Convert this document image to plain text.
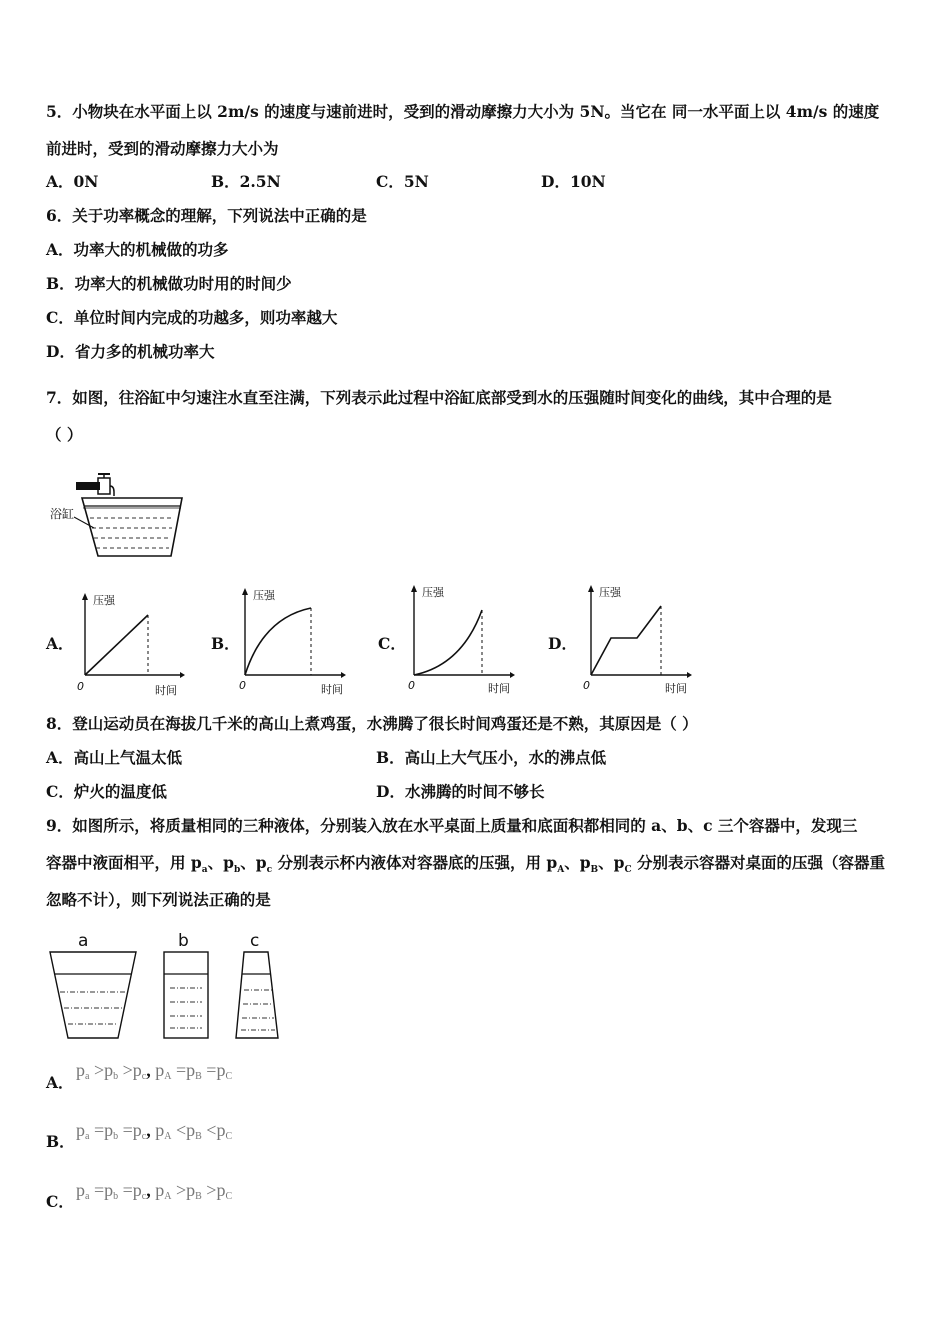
5．小物块在水平面上以 2m/s 的速度与速前进时，受到的滑动摩擦力大小为 5N。当它在 同一水平面上以 4m/s 的速度
前进时，受到的滑动摩擦力大小为
A．0N	B．2.5N	C．5N	D．10N
6．关于功率概念的理解，下列说法中正确的是
A．功率大的机械做的功多
B．功率大的机械做功时用的时间少
C．单位时间内完成的功越多，则功率越大
D．省力多的机械功率大
7．如图，往浴缸中匀速注水直至注满，下列表示此过程中浴缸底部受到水的压强随时间变化的曲线，其中合理的是
（ ）
浴缸
A．	B．	C．	D．
压强
时间
0
压强
时间
0
压强
时间
0
压强
时间
0
8．登山运动员在海拔几千米的高山上煮鸡蛋，水沸腾了很长时间鸡蛋还是不熟，其原因是（ ）
A．高山上气温太低	B．高山上大气压小，水的沸点低
C．炉火的温度低	D．水沸腾的时间不够长
9．如图所示，将质量相同的三种液体，分别装入放在水平桌面上质量和底面积都相同的 a、b、c 三个容器中，发现三
容器中液面相平，用 $p_a$、$p_b$、$p_c$ 分别表示杯内液体对容器底的压强，用 $p_A$、$p_B$、$p_C$ 分别表示容器对桌面的压强（容器重
忽略不计），则下列说法正确的是
a	b	c
A．
$p_a >p_b >p_c$, $p_A =p_B =p_C$
B．
$p_a =p_b =p_c$, $p_A <p_B <p_C$
C．
$p_a =p_b =p_c$, $p_A >p_B >p_C$
